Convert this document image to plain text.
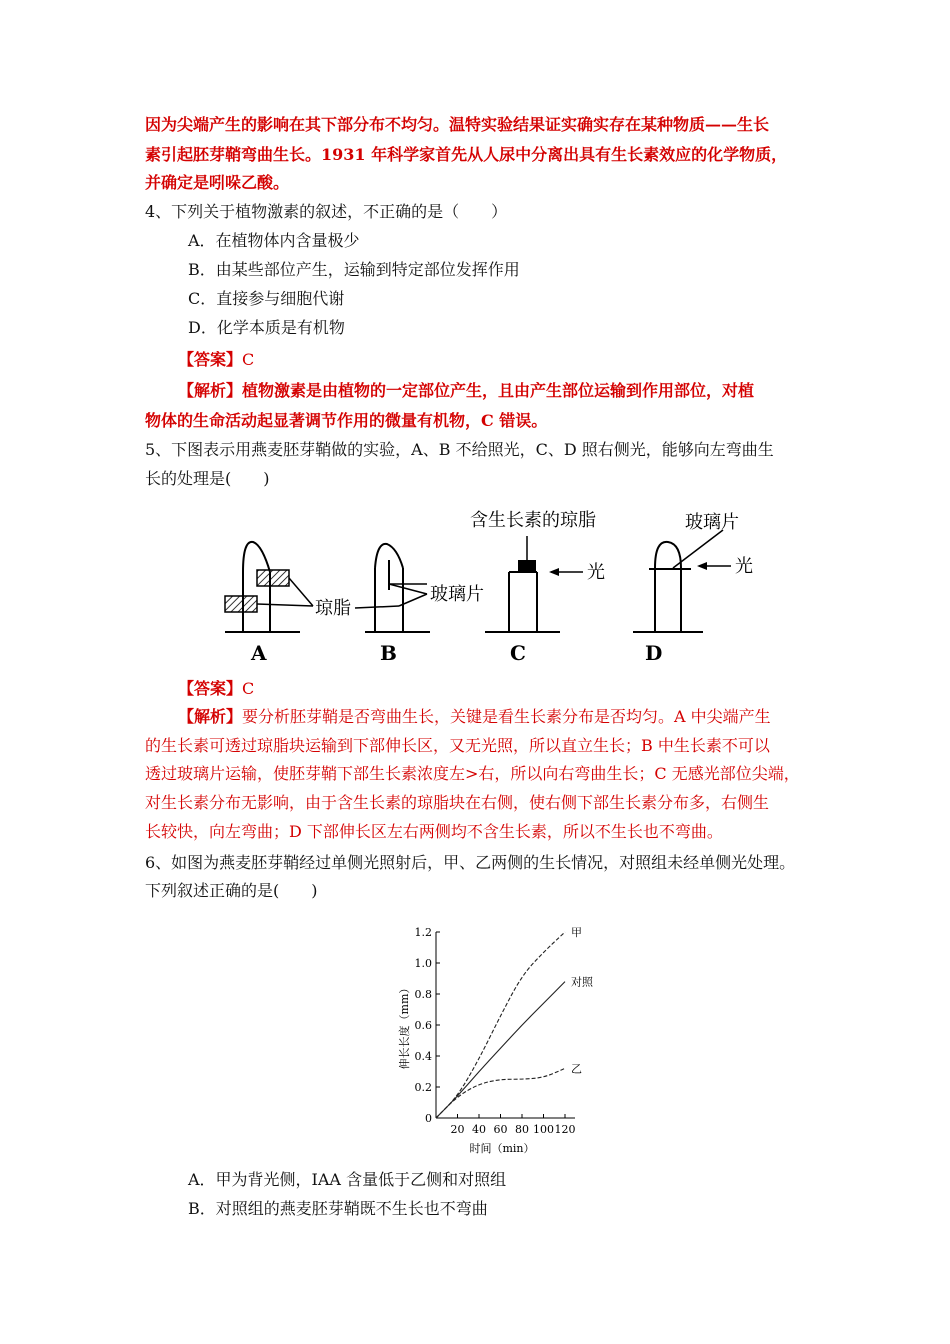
因为尖端产生的影响在其下部分布不均匀。温特实验结果证实确实存在某种物质——生长
素引起胚芽鞘弯曲生长。1931 年科学家首先从人尿中分离出具有生长素效应的化学物质，
并确定是吲哚乙酸。
4、下列关于植物激素的叙述，不正确的是（　　）
A．在植物体内含量极少
B．由某些部位产生，运输到特定部位发挥作用
C．直接参与细胞代谢
D．化学本质是有机物
【答案】C
【解析】植物激素是由植物的一定部位产生，且由产生部位运输到作用部位，对植
物体的生命活动起显著调节作用的微量有机物，C 错误。
5、下图表示用燕麦胚芽鞘做的实验，A、B 不给照光，C、D 照右侧光，能够向左弯曲生
长的处理是(　　)
琼脂
玻璃片
含生长素的琼脂
光
玻璃片
光
A	B	C	D
【答案】C
【解析】要分析胚芽鞘是否弯曲生长，关键是看生长素分布是否均匀。A 中尖端产生
的生长素可透过琼脂块运输到下部伸长区，又无光照，所以直立生长；B 中生长素不可以
透过玻璃片运输，使胚芽鞘下部生长素浓度左>右，所以向右弯曲生长；C 无感光部位尖端，
对生长素分布无影响，由于含生长素的琼脂块在右侧，使右侧下部生长素分布多，右侧生
长较快，向左弯曲；D 下部伸长区左右两侧均不含生长素，所以不生长也不弯曲。
6、如图为燕麦胚芽鞘经过单侧光照射后，甲、乙两侧的生长情况，对照组未经单侧光处理。
下列叙述正确的是(　　)
0
0.2
0.4
0.6
0.8
1.0
1.2
20 40 60 80 100 120
甲
对照
乙
时间（min）
伸长长度（mm）
A．甲为背光侧，IAA 含量低于乙侧和对照组
B．对照组的燕麦胚芽鞘既不生长也不弯曲
